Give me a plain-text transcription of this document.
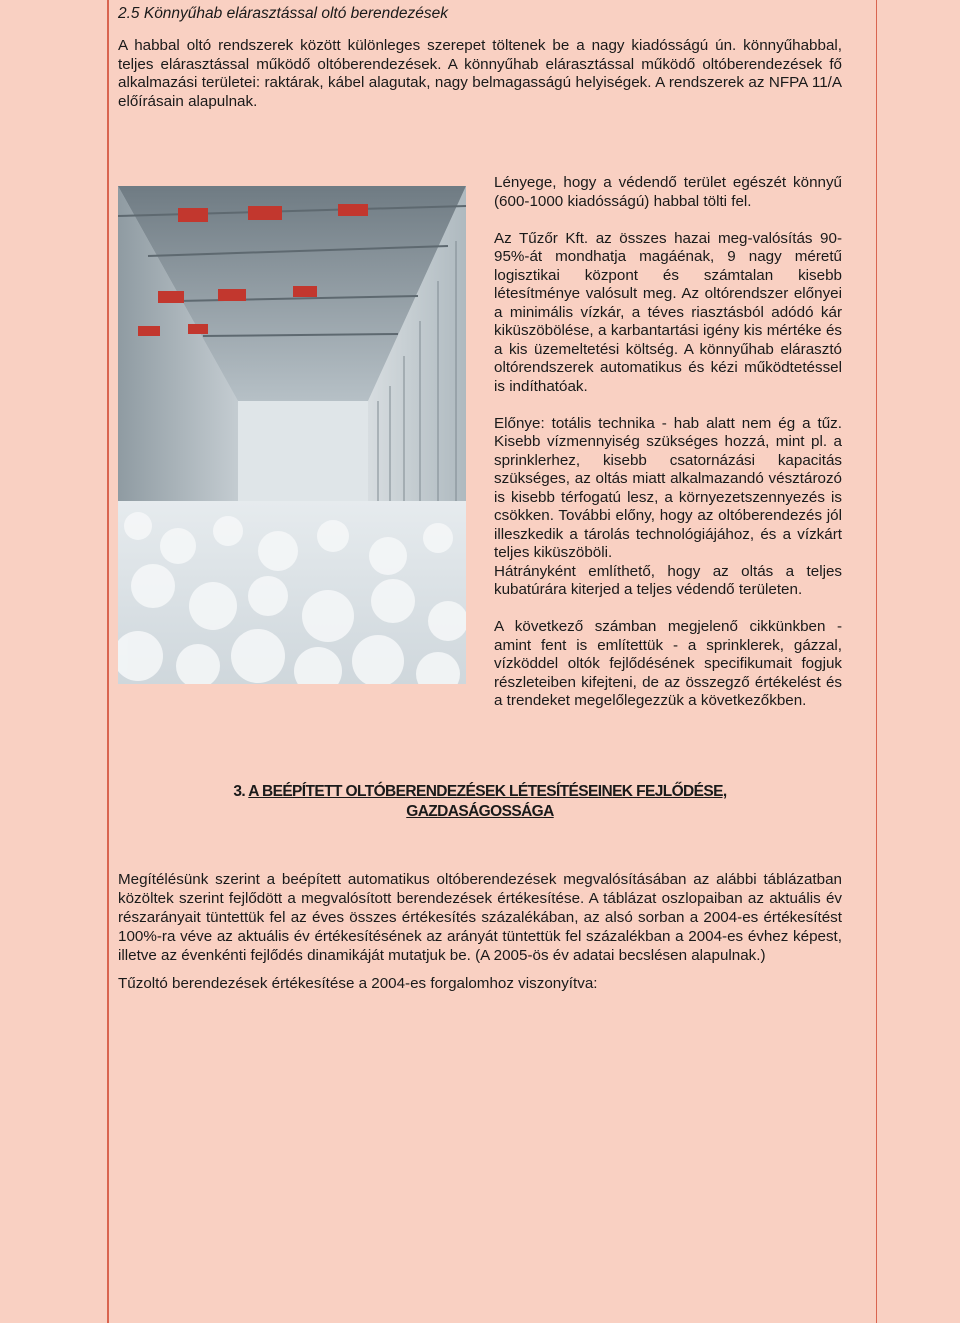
2.5 Könnyűhab elárasztással oltó berendezések

A habbal oltó rendszerek között különleges szerepet töltenek be a nagy kiadósságú ún. könnyűhabbal, teljes elárasztással működő oltóberendezések. A könnyűhab elárasztással működő oltóberendezések fő alkalmazási területei: raktárak, kábel alagutak, nagy belmagasságú helyiségek. A rendszerek az NFPA 11/A előírásain alapulnak.

Lényege, hogy a védendő terület egészét könnyű (600-1000 kiadósságú) habbal tölti fel.

Az Tűzőr Kft. az összes hazai meg-valósítás 90-95%-át mondhatja magáénak, 9 nagy méretű logisztikai központ és számtalan kisebb létesítménye valósult meg. Az oltórendszer előnyei a minimális vízkár, a téves riasztásból adódó kár kiküszöbölése, a karbantartási igény kis mértéke és a kis üzemeltetési költség. A könnyűhab elárasztó oltórendszerek automatikus és kézi működtetéssel is indíthatóak.

Előnye: totális technika - hab alatt nem ég a tűz. Kisebb vízmennyiség szükséges hozzá, mint pl. a sprinklerhez, kisebb csatornázási kapacitás szükséges, az oltás miatt alkalmazandó vésztározó is kisebb térfogatú lesz, a környezetszennyezés is csökken. További előny, hogy az oltóberendezés jól illeszkedik a tárolás technológiájához, és a vízkárt teljes kiküszöböli.

Hátrányként említhető, hogy az oltás a teljes kubatúrára kiterjed a teljes védendő területen.

A következő számban megjelenő cikkünkben - amint fent is említettük - a sprinklerek, gázzal, vízköddel oltók fejlődésének specifikumait fogjuk részleteiben kifejteni, de az összegző értékelést és a trendeket megelőlegezzük a következőkben.

3. A BEÉPÍTETT OLTÓBERENDEZÉSEK LÉTESÍTÉSEINEK FEJLŐDÉSE,
GAZDASÁGOSSÁGA

Megítélésünk szerint a beépített automatikus oltóberendezések megvalósításában az alábbi táblázatban közöltek szerint fejlődött a megvalósított berendezések értékesítése. A táblázat oszlopaiban az aktuális év részarányait tüntettük fel az éves összes értékesítés százalékában, az alsó sorban a 2004-es értékesítést 100%-ra véve az aktuális év értékesítésének az arányát tüntettük fel százalékban a 2004-es évhez képest, illetve az évenkénti fejlődés dinamikáját mutatjuk be. (A 2005-ös év adatai becslésen alapulnak.)

Tűzoltó berendezések értékesítése a 2004-es forgalomhoz viszonyítva:
